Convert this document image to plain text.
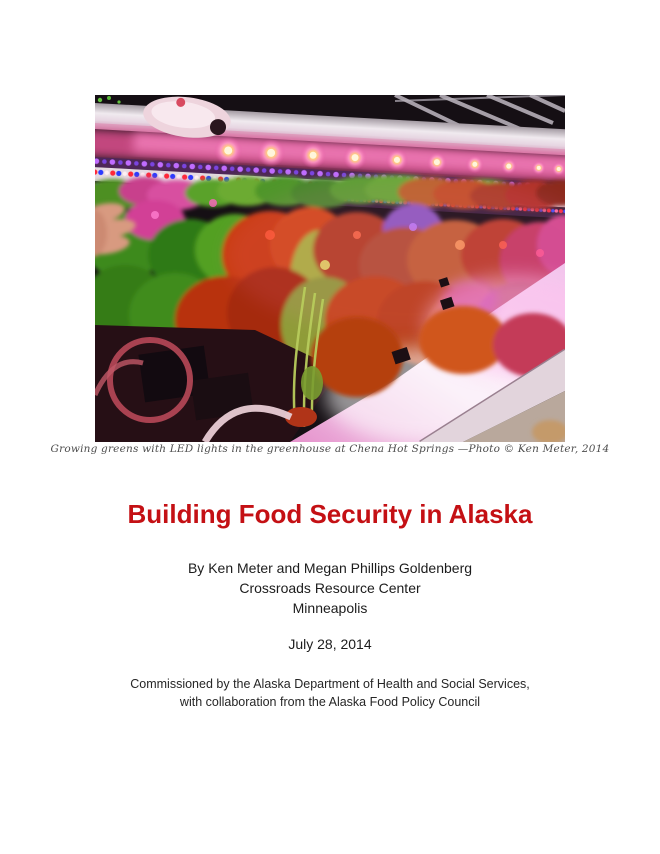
Growing greens with LED lights in the greenhouse at Chena Hot Springs —Photo © Ken Meter, 2014
Building Food Security in Alaska
By Ken Meter and Megan Phillips Goldenberg
Crossroads Resource Center
Minneapolis
July 28, 2014
Commissioned by the Alaska Department of Health and Social Services,
with collaboration from the Alaska Food Policy Council
